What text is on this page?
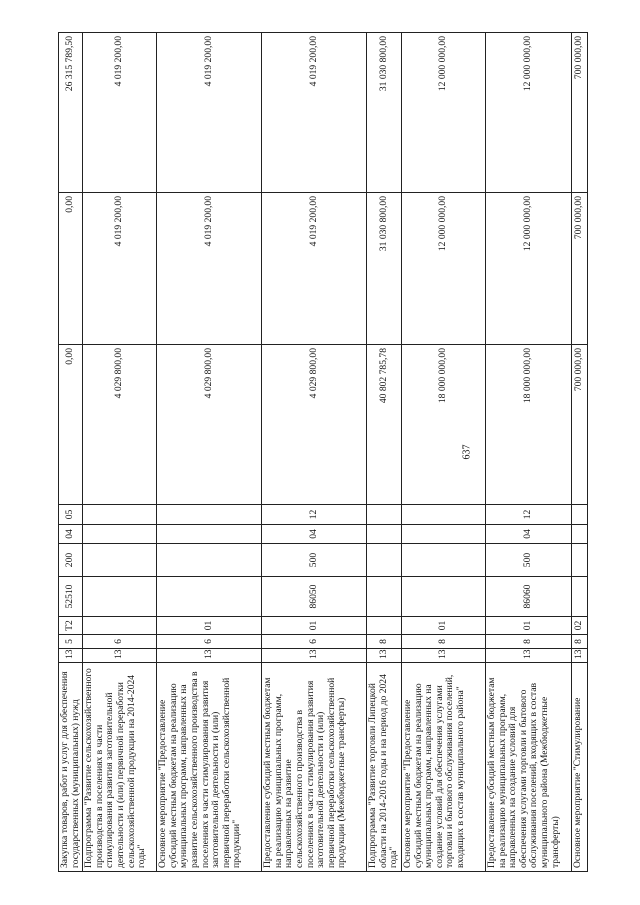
637
Закупка товаров, работ и услуг для обеспечения государственных (муниципальных) нужд	13	5	Т2	52510	200	04	05	0,00	0,00	26 315 789,50
Подпрограмма "Развитие сельскохозяйственного производства в поселениях в части стимулирования развития заготовительной деятельности и (или) первичной переработки сельскохозяйственной продукции на 2014-2024 годы"	13	6						4 029 800,00	4 019 200,00	4 019 200,00
Основное мероприятие "Предоставление субсидий местным бюджетам на реализацию муниципальных программ, направленных на развитие сельскохозяйственного производства в поселениях в части стимулирования развития заготовительной деятельности и (или) первичной переработки сельскохозяйственной продукции"	13	6	01					4 029 800,00	4 019 200,00	4 019 200,00
Предоставление субсидий местным бюджетам на реализацию муниципальных программ, направленных на развитие сельскохозяйственного производства в поселениях в части стимулирования развития заготовительной деятельности и (или) первичной переработки сельскохозяйственной продукции (Межбюджетные трансферты)	13	6	01	86050	500	04	12	4 029 800,00	4 019 200,00	4 019 200,00
Подпрограмма "Развитие торговли Липецкой области на 2014-2016 годы и на период до 2024 года"	13	8						40 802 785,78	31 030 800,00	31 030 800,00
Основное мероприятие "Предоставление субсидий местным бюджетам на реализацию муниципальных программ, направленных на создание условий для обеспечения услугами торговли и бытового обслуживания поселений, входящих в состав муниципального района"	13	8	01					18 000 000,00	12 000 000,00	12 000 000,00
Предоставление субсидий местным бюджетам на реализацию муниципальных программ, направленных на создание условий для обеспечения услугами торговли и бытового обслуживания поселений, входящих в состав муниципального района (Межбюджетные трансферты)	13	8	01	86060	500	04	12	18 000 000,00	12 000 000,00	12 000 000,00
Основное мероприятие "Стимулирование	13	8	02					700 000,00	700 000,00	700 000,00
